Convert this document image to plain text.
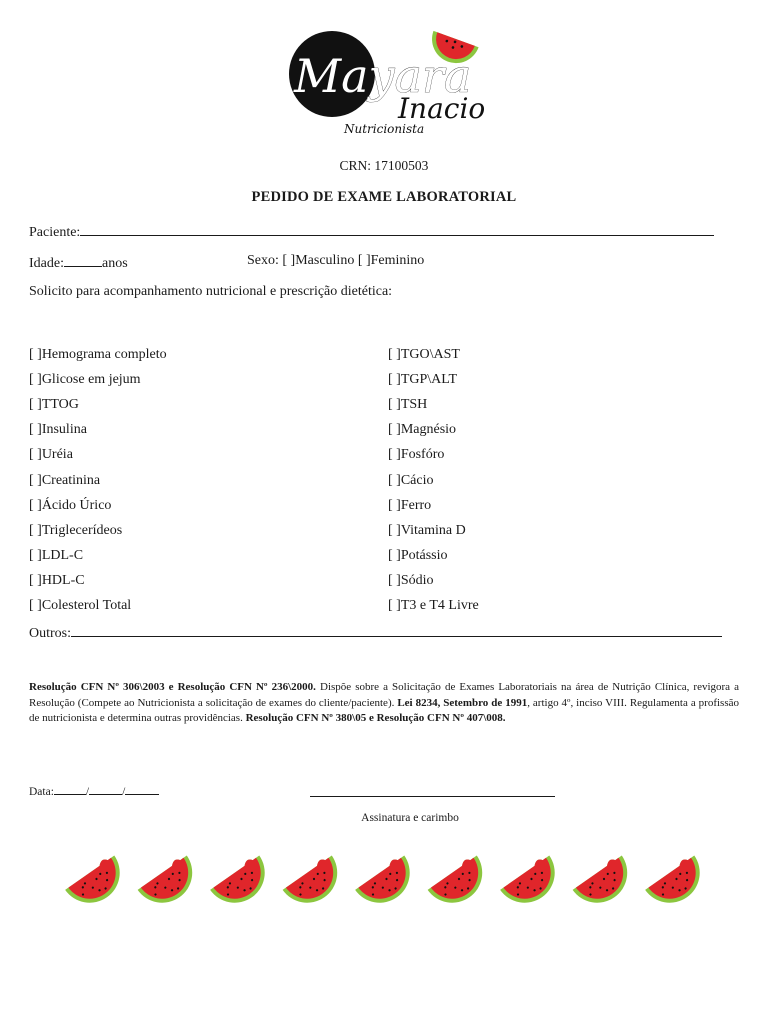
Mayara
Inacio
Nutricionista
CRN: 17100503
PEDIDO DE EXAME LABORATORIAL
Paciente:
Idade:	anos	Sexo: [ ]Masculino [ ]Feminino
Solicito para acompanhamento nutricional e prescrição dietética:
[ ]Hemograma completo
[ ]Glicose em jejum
[ ]TTOG
[ ]Insulina
[ ]Uréia
[ ]Creatinina
[ ]Ácido Úrico
[ ]Triglecerídeos
[ ]LDL-C
[ ]HDL-C
[ ]Colesterol Total
[ ]TGO\AST
[ ]TGP\ALT
[ ]TSH
[ ]Magnésio
[ ]Fosfóro
[ ]Cácio
[ ]Ferro
[ ]Vitamina D
[ ]Potássio
[ ]Sódio
[ ]T3 e T4 Livre
Outros:
Resolução CFN Nº 306\2003 e Resolução CFN Nº 236\2000. Dispõe sobre a Solicitação de Exames Laboratoriais na área de Nutrição Clínica, revigora a Resolução (Compete ao Nutricionista a solicitação de exames do cliente/paciente). Lei 8234, Setembro de 1991, artigo 4º, inciso VIII. Regulamenta a profissão de nutricionista e determina outras providências. Resolução CFN Nº 380\05 e Resolução CFN Nº 407\008.
Data:	/	/
Assinatura e carimbo
